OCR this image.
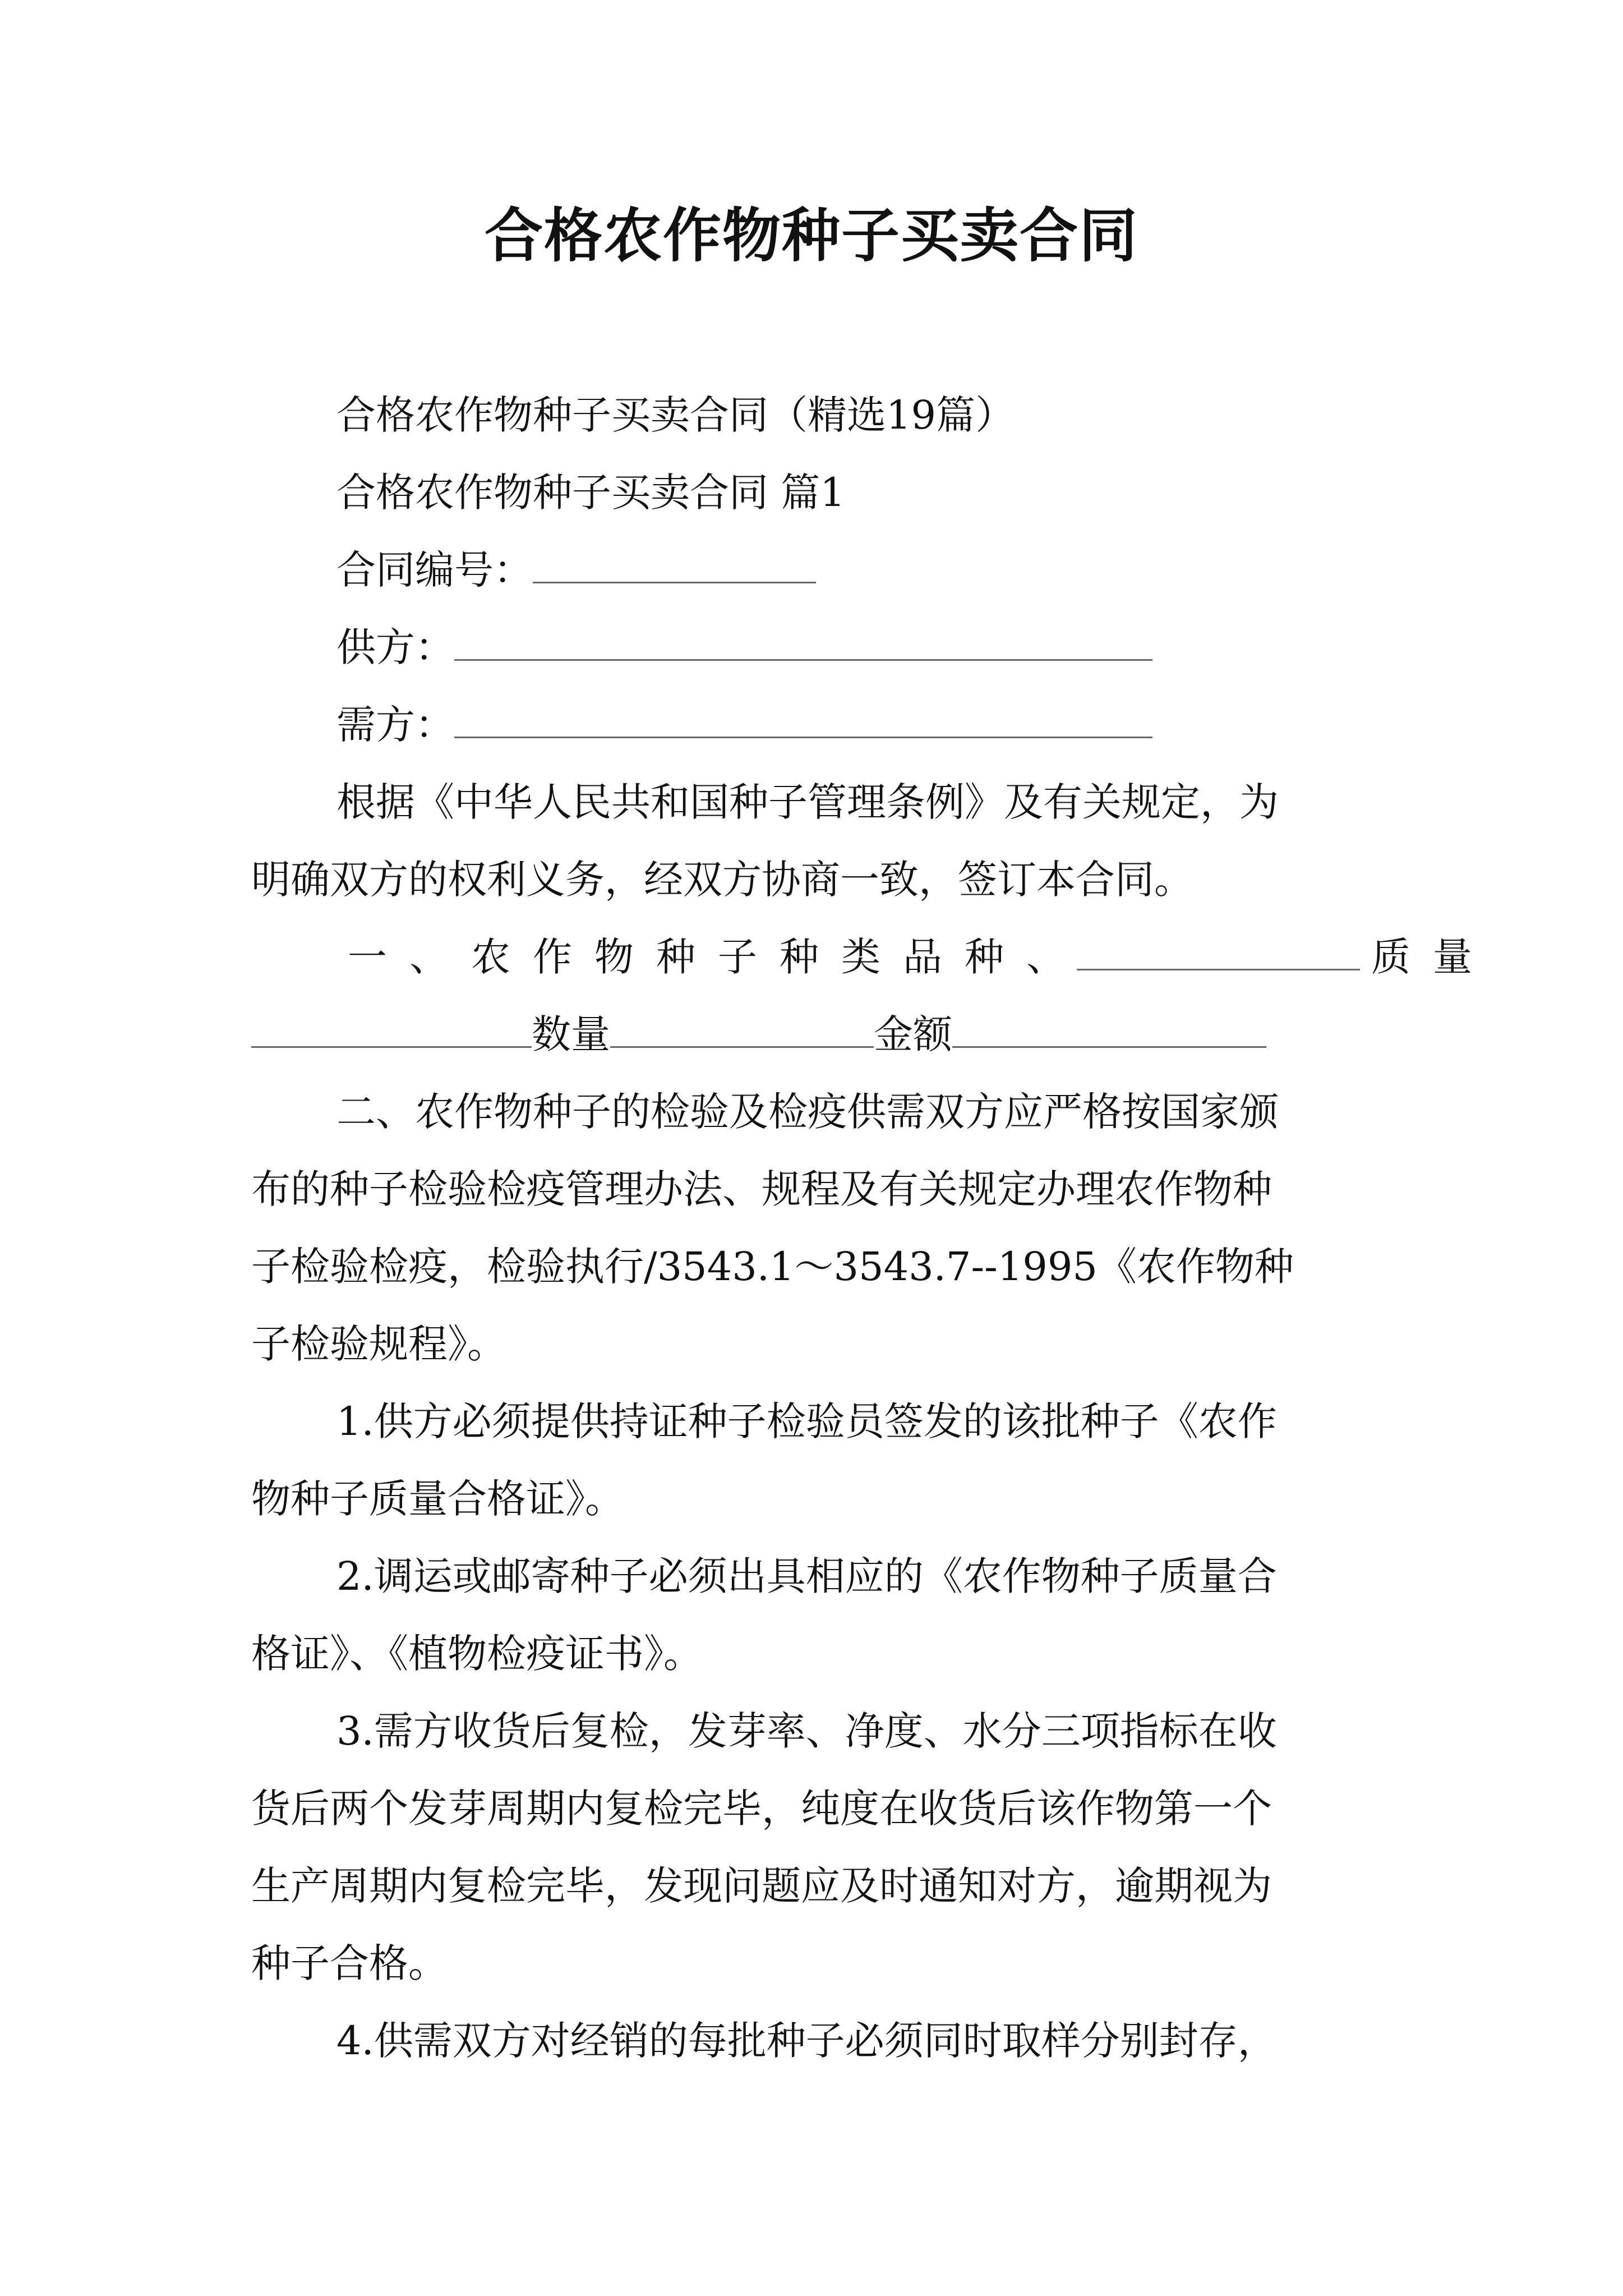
合格农作物种子买卖合同
合格农作物种子买卖合同（精选19篇）
合格农作物种子买卖合同 篇1
合同编号：
供方：
需方：
根据《中华人民共和国种子管理条例》及有关规定，为
明确双方的权利义务，经双方协商一致，签订本合同。
一、农作物种子种类品种、	质量
数量	金额
二、农作物种子的检验及检疫供需双方应严格按国家颁
布的种子检验检疫管理办法、规程及有关规定办理农作物种
子检验检疫，检验执行/3543.1～3543.7--1995《农作物种
子检验规程》。
1.供方必须提供持证种子检验员签发的该批种子《农作
物种子质量合格证》。
2.调运或邮寄种子必须出具相应的《农作物种子质量合
格证》、《植物检疫证书》。
3.需方收货后复检，发芽率、净度、水分三项指标在收
货后两个发芽周期内复检完毕，纯度在收货后该作物第一个
生产周期内复检完毕，发现问题应及时通知对方，逾期视为
种子合格。
4.供需双方对经销的每批种子必须同时取样分别封存，
